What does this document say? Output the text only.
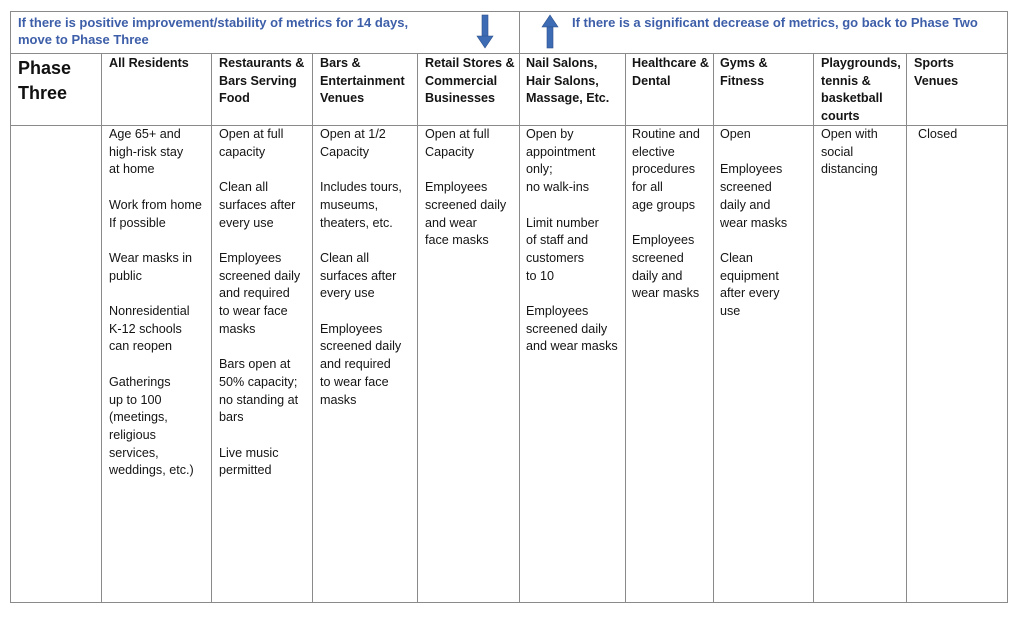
If there is positive improvement/stability of metrics for 14 days,
move to Phase Three
If there is a significant decrease of metrics, go back to Phase Two
Phase
Three
All Residents	Restaurants &
Bars Serving
Food
Bars &
Entertainment
Venues
Retail Stores &
Commercial
Businesses
Nail Salons,
Hair Salons,
Massage, Etc.
Healthcare &
Dental
Gyms &
Fitness
Playgrounds,
tennis &
basketball
courts
Sports
Venues
Age 65+ and
high-risk stay
at home

Work from home
If possible

Wear masks in
public

Nonresidential
K-12 schools
can reopen

Gatherings
up to 100
(meetings,
religious
services,
weddings, etc.)
Open at full
capacity

Clean all
surfaces after
every use

Employees
screened daily
and required
to wear face
masks

Bars open at
50% capacity;
no standing at
bars

Live music
permitted
Open at 1/2
Capacity

Includes tours,
museums,
theaters, etc.

Clean all
surfaces after
every use

Employees
screened daily
and required
to wear face
masks
Open at full
Capacity

Employees
screened daily
and wear
face masks
Open by
appointment
only;
no walk-ins

Limit number
of staff and
customers
to 10

Employees
screened daily
and wear masks
Routine and
elective
procedures
for all
age groups

Employees
screened
daily and
wear masks
Open

Employees
screened
daily and
wear masks

Clean
equipment
after every
use
Open with
social
distancing
Closed
